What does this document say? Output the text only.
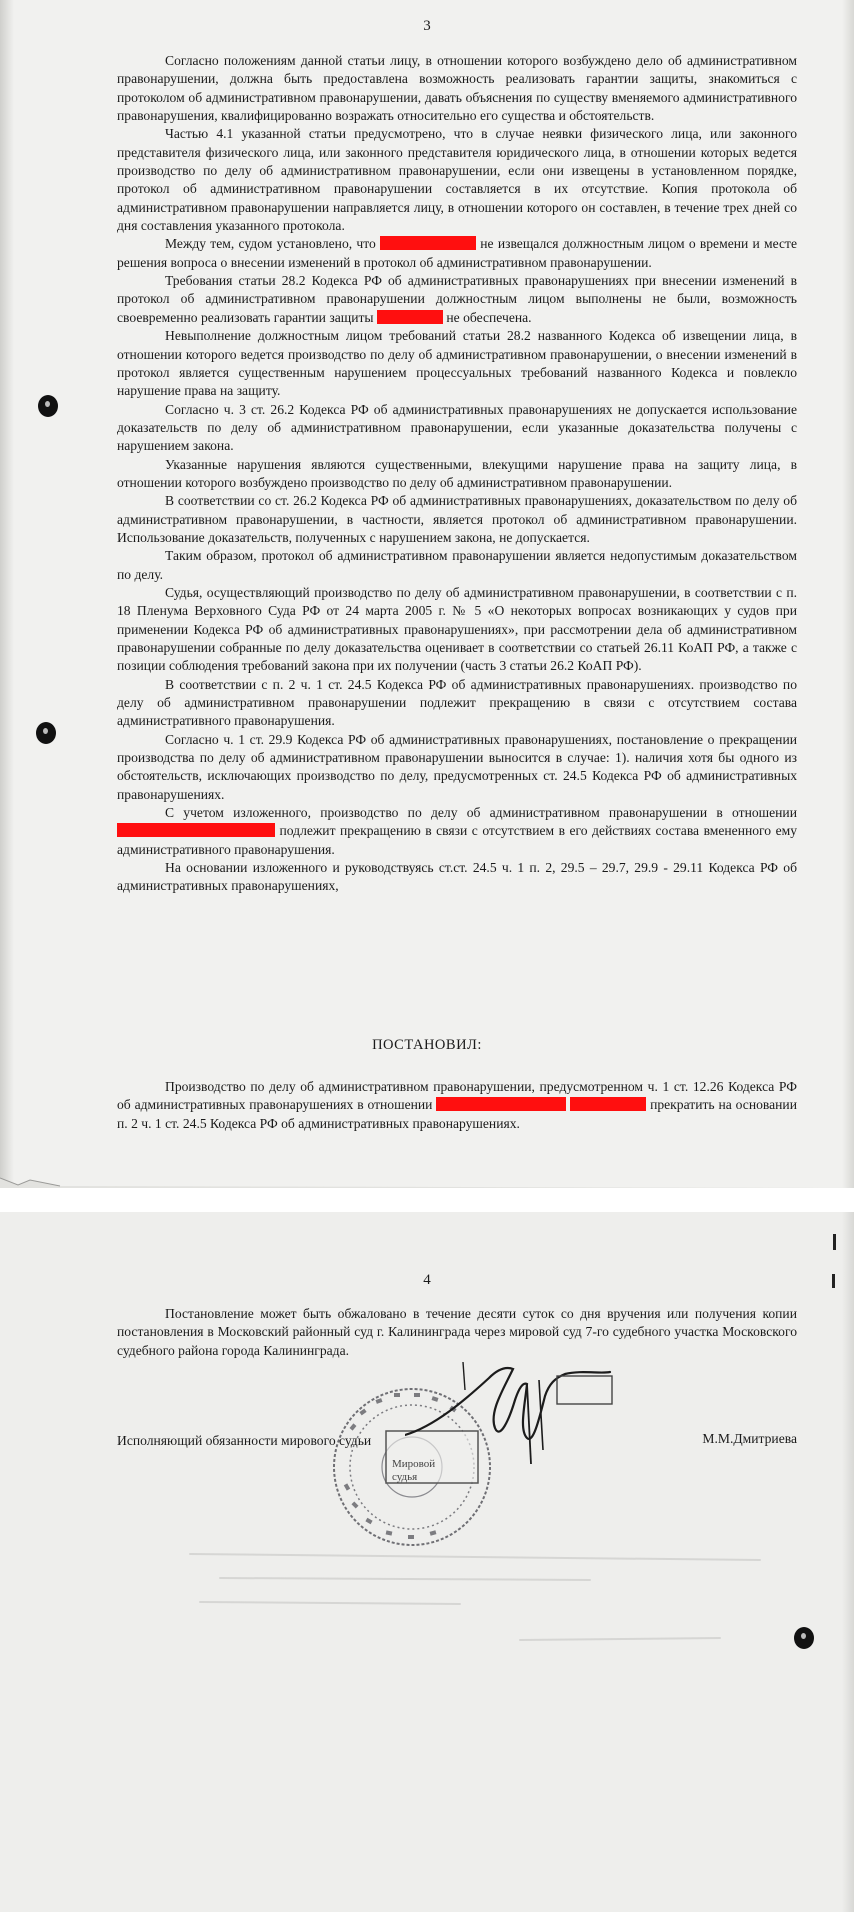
3

Согласно положениям данной статьи лицу, в отношении которого возбуждено дело об административном правонарушении, должна быть предоставлена возможность реализовать гарантии защиты, знакомиться с протоколом об административном правонарушении, давать объяснения по существу вменяемого административного правонарушения, квалифицированно возражать относительно его существа и обстоятельств.

Частью 4.1 указанной статьи предусмотрено, что в случае неявки физического лица, или законного представителя физического лица, или законного представителя юридического лица, в отношении которых ведется производство по делу об административном правонарушении, если они извещены в установленном порядке, протокол об административном правонарушении составляется в их отсутствие. Копия протокола об административном правонарушении направляется лицу, в отношении которого он составлен, в течение трех дней со дня составления указанного протокола.

Между тем, судом установлено, что	не извещался должностным лицом о времени и месте решения вопроса о внесении изменений в протокол об административном правонарушении.

Требования статьи 28.2 Кодекса РФ об административных правонарушениях при внесении изменений в протокол об административном правонарушении должностным лицом выполнены не были, возможность своевременно реализовать гарантии защиты	не обеспечена.

Невыполнение должностным лицом требований статьи 28.2 названного Кодекса об извещении лица, в отношении которого ведется производство по делу об административном правонарушении, о внесении изменений в протокол является существенным нарушением процессуальных требований названного Кодекса и повлекло нарушение права на защиту.

Согласно ч. 3 ст. 26.2 Кодекса РФ об административных правонарушениях не допускается использование доказательств по делу об административном правонарушении, если указанные доказательства получены с нарушением закона.

Указанные нарушения являются существенными, влекущими нарушение права на защиту лица, в отношении которого возбуждено производство по делу об административном правонарушении.

В соответствии со ст. 26.2 Кодекса РФ об административных правонарушениях, доказательством по делу об административном правонарушении, в частности, является протокол об административном правонарушении. Использование доказательств, полученных с нарушением закона, не допускается.

Таким образом, протокол об административном правонарушении является недопустимым доказательством по делу.

Судья, осуществляющий производство по делу об административном правонарушении, в соответствии с п. 18 Пленума Верховного Суда РФ от 24 марта 2005 г. № 5 «О некоторых вопросах возникающих у судов при применении Кодекса РФ об административных правонарушениях», при рассмотрении дела об административном правонарушении собранные по делу доказательства оценивает в соответствии со статьей 26.11 КоАП РФ, а также с позиции соблюдения требований закона при их получении (часть 3 статьи 26.2 КоАП РФ).

В соответствии с п. 2 ч. 1 ст. 24.5 Кодекса РФ об административных правонарушениях. производство по делу об административном правонарушении подлежит прекращению в связи с отсутствием состава административного правонарушения.

Согласно ч. 1 ст. 29.9 Кодекса РФ об административных правонарушениях, постановление о прекращении производства по делу об административном правонарушении выносится в случае: 1). наличия хотя бы одного из обстоятельств, исключающих производство по делу, предусмотренных ст. 24.5 Кодекса РФ об административных правонарушениях.

С учетом изложенного, производство по делу об административном правонарушении в отношении  подлежит прекращению в связи с отсутствием в его действиях состава вмененного ему административного правонарушения.

На основании изложенного и руководствуясь ст.ст. 24.5 ч. 1 п. 2, 29.5 – 29.7, 29.9 - 29.11 Кодекса РФ об административных правонарушениях,

ПОСТАНОВИЛ:

Производство по делу об административном правонарушении, предусмотренном ч. 1 ст. 12.26 Кодекса РФ об административных правонарушениях в отношении	прекратить на основании п. 2 ч. 1 ст. 24.5 Кодекса РФ об административных правонарушениях.

4

Постановление может быть обжаловано в течение десяти суток со дня вручения или получения копии постановления в Московский районный суд г. Калининграда через мировой суд 7-го судебного участка Московского судебного района города Калининграда.

Мировой судья
Исполняющий обязанности мирового судьи	М.М.Дмитриева
